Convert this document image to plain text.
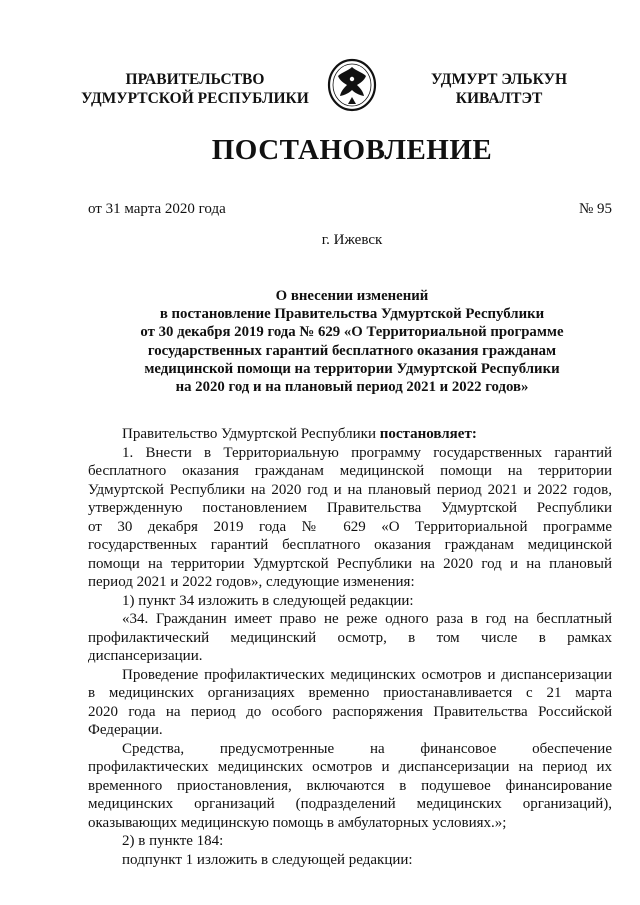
ПРАВИТЕЛЬСТВО
УДМУРТСКОЙ РЕСПУБЛИКИ
УДМУРТ ЭЛЬКУН
КИВАЛТЭТ
ПОСТАНОВЛЕНИЕ
от 31 марта 2020 года	№ 95
г. Ижевск
О внесении изменений
в постановление Правительства Удмуртской Республики
от 30 декабря 2019 года № 629 «О Территориальной программе
государственных гарантий бесплатного оказания гражданам
медицинской помощи на территории Удмуртской Республики
на 2020 год и на плановый период 2021 и 2022 годов»
Правительство Удмуртской Республики постановляет:
1. Внести в Территориальную программу государственных гарантий
бесплатного оказания гражданам медицинской помощи на территории
Удмуртской Республики на 2020 год и на плановый период 2021 и 2022 годов,
утвержденную постановлением Правительства Удмуртской Республики
от 30 декабря 2019 года № 629 «О Территориальной программе
государственных гарантий бесплатного оказания гражданам медицинской
помощи на территории Удмуртской Республики на 2020 год и на плановый
период 2021 и 2022 годов», следующие изменения:
1) пункт 34 изложить в следующей редакции:
«34. Гражданин имеет право не реже одного раза в год на бесплатный
профилактический медицинский осмотр, в том числе в рамках
диспансеризации.
Проведение профилактических медицинских осмотров и диспансеризации
в медицинских организациях временно приостанавливается с 21 марта
2020 года на период до особого распоряжения Правительства Российской
Федерации.
Средства, предусмотренные на финансовое обеспечение
профилактических медицинских осмотров и диспансеризации на период их
временного приостановления, включаются в подушевое финансирование
медицинских организаций (подразделений медицинских организаций),
оказывающих медицинскую помощь в амбулаторных условиях.»;
2) в пункте 184:
подпункт 1 изложить в следующей редакции:
